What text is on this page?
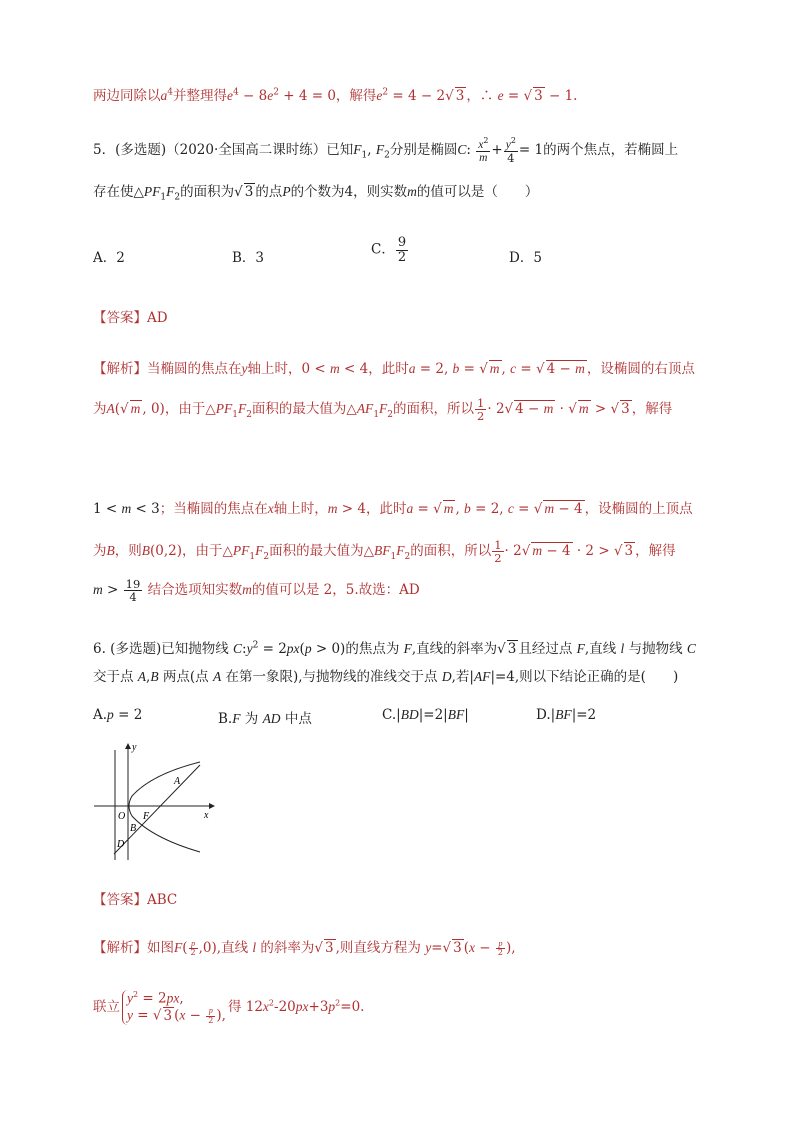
两边同除以$a^4$并整理得$e^4 - 8e^2 + 4 = 0$，解得$e^2 = 4 - 2√$ 3 ，∴ e = √ 3 − 1.
5．(多选题)（2020·全国高二课时练）已知$F_1$, $F_2$分别是椭圆C: $\frac{x^2}{m} + \frac{y^2}{4} = 1$的两个焦点，若椭圆上
存在使$\triangle PF_1F_2$的面积为√ 3 的点P的个数为4，则实数m的值可以是（　　）
A．2	B．3
C． $\frac{9}{2}$	D．5
【答案】AD
【解析】当椭圆的焦点在y轴上时，0 < m < 4，此时a = 2, b = √ m , c = √ 4 − m ，设椭圆的右顶点
为A(√ m , 0)，由于$\triangle PF_1F_2$面积的最大值为$\triangle AF_1F_2$的面积，所以 $\frac{1}{2} \cdot 2√$ 4 − m · √ m > √ 3 ，解得
1 < m < 3；当椭圆的焦点在x轴上时，m > 4，此时a = √ m , b = 2, c = √ m − 4 ，设椭圆的上顶点
为B，则B(0,2)，由于$\triangle PF_1F_2$面积的最大值为$\triangle BF_1F_2$的面积，所以 $\frac{1}{2} \cdot 2√$ m − 4 · 2 > √ 3 ，解得
$m > \frac{19}{4}$ 结合选项知实数m的值可以是 2，5.故选：AD
6. (多选题)已知抛物线 $C:y^2 = 2px(p > 0)$的焦点为 F,直线的斜率为√ 3 且经过点 F,直线 l 与抛物线 C
交于点 A,B 两点(点 A 在第一象限),与抛物线的准线交于点 D,若|AF|=4,则以下结论正确的是(　　)
A.p = 2	B.F 为 AD 中点	C.|BD|=2|BF|	D.|BF|=2
y
x
O F
A
B
D
【答案】ABC
【解析】如图$F( \frac{p}{2} ,0)$,直线 l 的斜率为√ 3 ,则直线方程为 y=√ 3 ($x - \frac{p}{2}$ ),
联立$y^2 = 2px$,
y = √ 3 ($x - \frac{p}{2}$ ),得 $12x^2-20px+3p^2=0$.
